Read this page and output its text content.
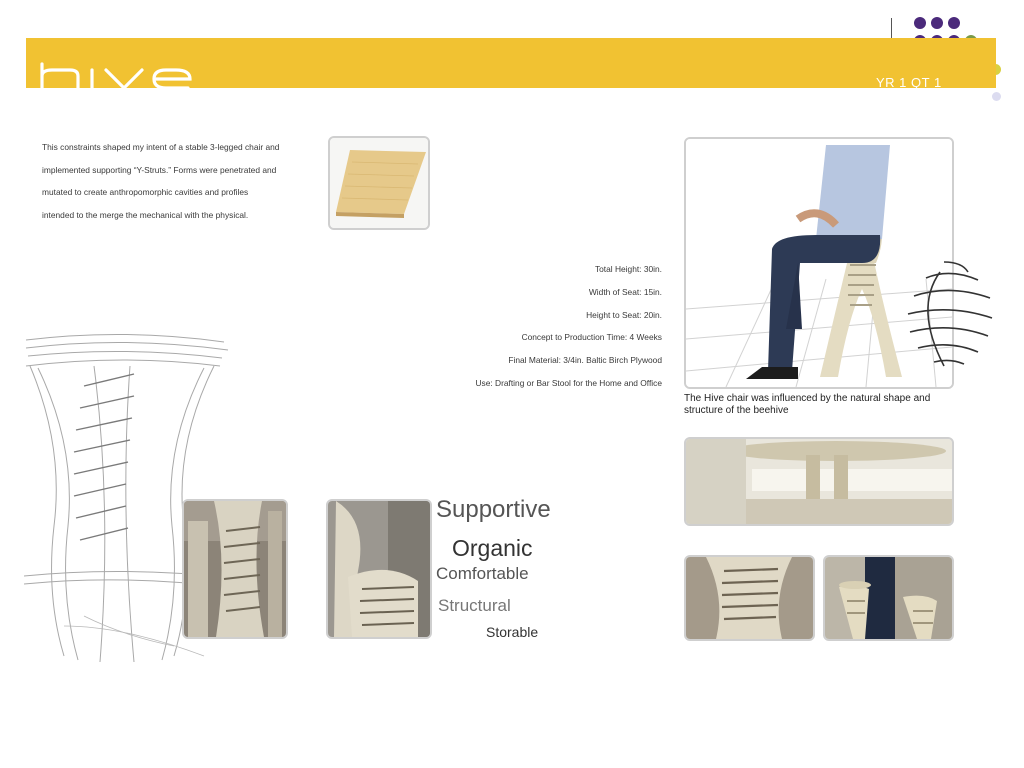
YR 1 QT 1
This constraints shaped my intent of a stable 3-legged chair and
implemented supporting “Y-Struts.” Forms were penetrated and
mutated to create anthropomorphic cavities and profiles
intended to the merge the mechanical with the physical.
Total Height: 30in.
Width of Seat: 15in.
Height to Seat: 20in.
Concept to Production Time: 4 Weeks
Final Material: 3/4in. Baltic Birch Plywood
Use: Drafting or Bar Stool for the Home and Office
Supportive
Organic
Comfortable
Structural
Storable
The Hive chair was influenced by the natural shape and structure of the beehive
